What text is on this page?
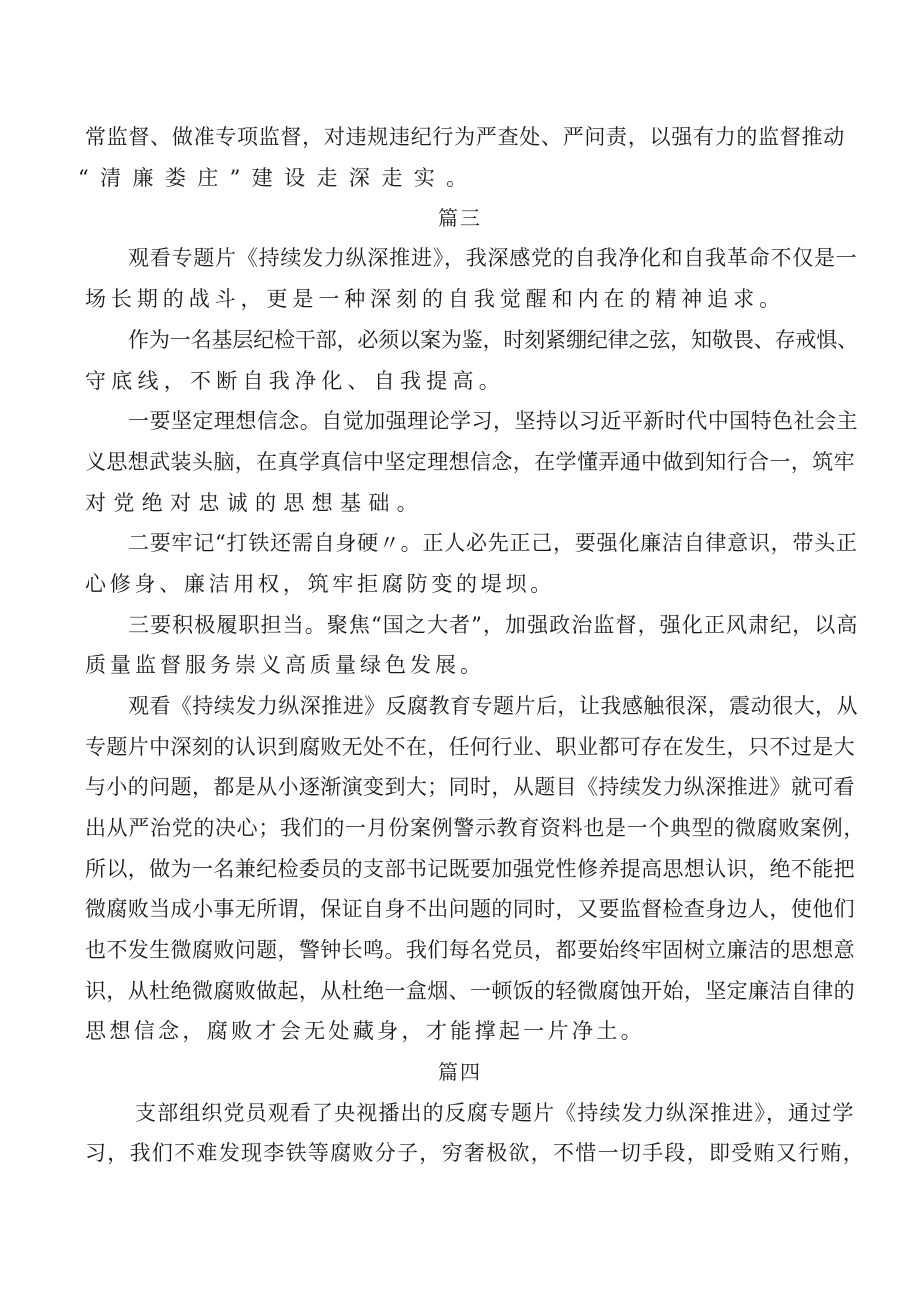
常监督、做准专项监督，对违规违纪行为严查处、严问责，以强有力的监督推动
“清廉娄庄”建设走深走实。
篇三
观看专题片《持续发力纵深推进》，我深感党的自我净化和自我革命不仅是一
场长期的战斗，更是一种深刻的自我觉醒和内在的精神追求。
作为一名基层纪检干部，必须以案为鉴，时刻紧绷纪律之弦，知敬畏、存戒惧、
守底线，不断自我净化、自我提高。
一要坚定理想信念。自觉加强理论学习，坚持以习近平新时代中国特色社会主
义思想武装头脑，在真学真信中坚定理想信念，在学懂弄通中做到知行合一，筑牢
对党绝对忠诚的思想基础。
二要牢记“打铁还需自身硬〃。正人必先正己，要强化廉洁自律意识，带头正
心修身、廉洁用权，筑牢拒腐防变的堤坝。
三要积极履职担当。聚焦“国之大者”，加强政治监督，强化正风肃纪，以高
质量监督服务崇义高质量绿色发展。
观看《持续发力纵深推进》反腐教育专题片后，让我感触很深，震动很大，从
专题片中深刻的认识到腐败无处不在，任何行业、职业都可存在发生，只不过是大
与小的问题，都是从小逐渐演变到大；同时，从题目《持续发力纵深推进》就可看
出从严治党的决心；我们的一月份案例警示教育资料也是一个典型的微腐败案例，
所以，做为一名兼纪检委员的支部书记既要加强党性修养提高思想认识，绝不能把
微腐败当成小事无所谓，保证自身不出问题的同时，又要监督检查身边人，使他们
也不发生微腐败问题，警钟长鸣。我们每名党员，都要始终牢固树立廉洁的思想意
识，从杜绝微腐败做起，从杜绝一盒烟、一顿饭的轻微腐蚀开始，坚定廉洁自律的
思想信念，腐败才会无处藏身，才能撑起一片净土。
篇四
支部组织党员观看了央视播出的反腐专题片《持续发力纵深推进》，通过学
习，我们不难发现李铁等腐败分子，穷奢极欲，不惜一切手段，即受贿又行贿，
